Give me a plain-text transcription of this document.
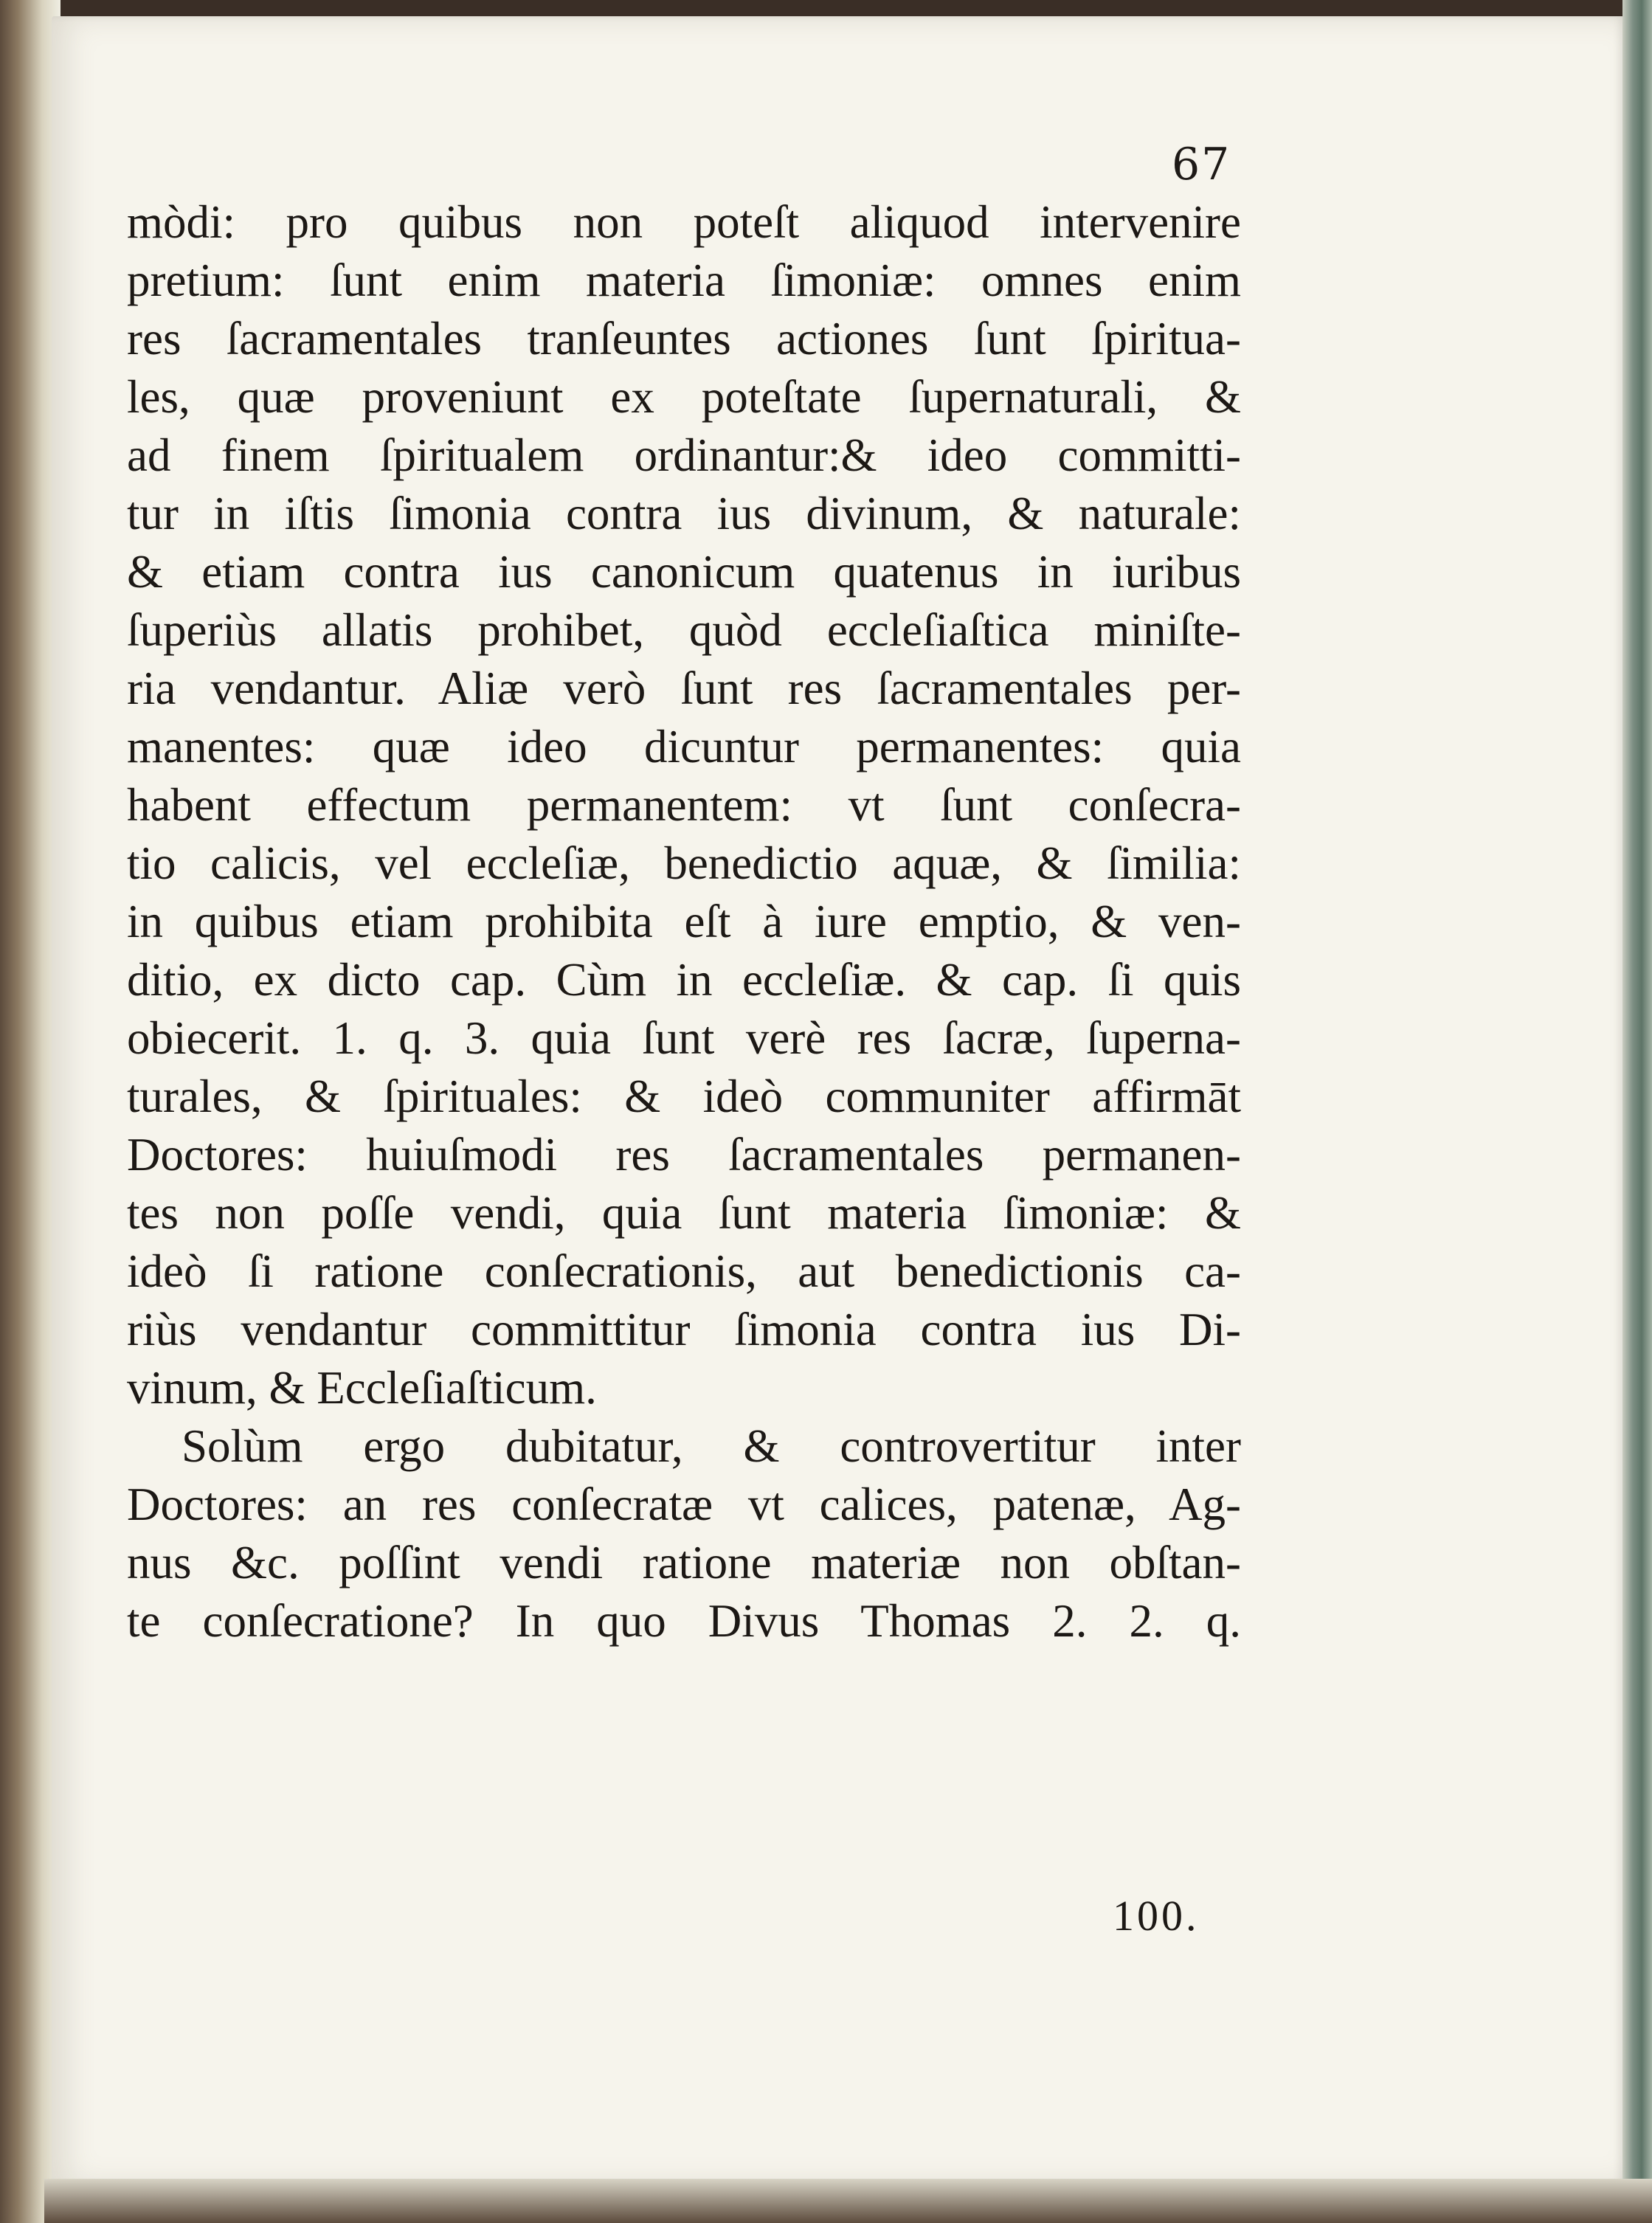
67
mòdi: pro quibus non poteſt aliquod intervenire
pretium: ſunt enim materia ſimoniæ: omnes enim
res ſacramentales tranſeuntes actiones ſunt ſpiritua-
les, quæ proveniunt ex poteſtate ſupernaturali, &
ad finem ſpiritualem ordinantur:& ideo committi-
tur in iſtis ſimonia contra ius divinum, & naturale:
& etiam contra ius canonicum quatenus in iuribus
ſuperiùs allatis prohibet, quòd eccleſiaſtica miniſte-
ria vendantur. Aliæ verò ſunt res ſacramentales per-
manentes: quæ ideo dicuntur permanentes: quia
habent effectum permanentem: vt ſunt conſecra-
tio calicis, vel eccleſiæ, benedictio aquæ, & ſimilia:
in quibus etiam prohibita eſt à iure emptio, & ven-
ditio, ex dicto cap. Cùm in eccleſiæ. & cap. ſi quis
obiecerit. 1. q. 3. quia ſunt verè res ſacræ, ſuperna-
turales, & ſpirituales: & ideò communiter affirmāt
Doctores: huiuſmodi res ſacramentales permanen-
tes non poſſe vendi, quia ſunt materia ſimoniæ: &
ideò ſi ratione conſecrationis, aut benedictionis ca-
riùs vendantur committitur ſimonia contra ius Di-
vinum, & Eccleſiaſticum.
Solùm ergo dubitatur, & controvertitur inter
Doctores: an res conſecratæ vt calices, patenæ, Ag-
nus &c. poſſint vendi ratione materiæ non obſtan-
te conſecratione? In quo Divus Thomas 2. 2. q.
100.
